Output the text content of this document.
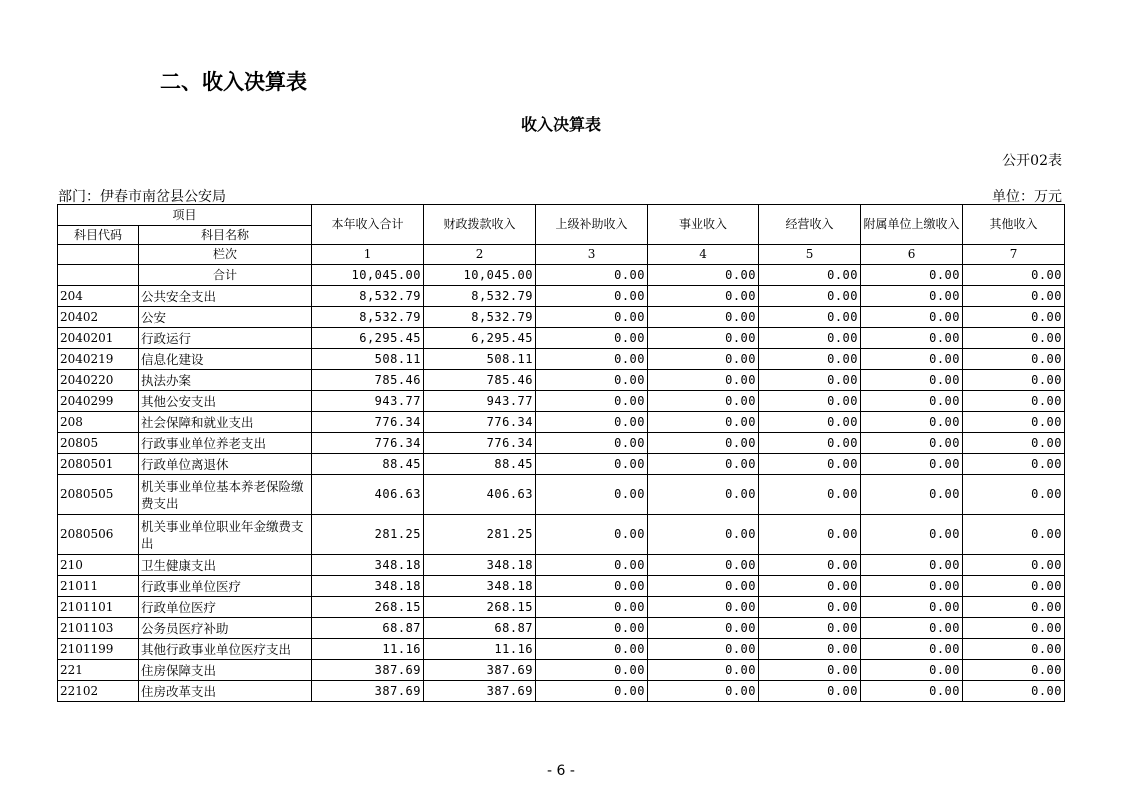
二、收入决算表
收入决算表
公开02表
部门：伊春市南岔县公安局	单位：万元
项目		本年收入合计	财政拨款收入	上级补助收入	事业收入	经营收入	附属单位上缴收入	其他收入
科目代码	科目名称							
	栏次	1	2	3	4	5	6	7
	合计	10,045.00	10,045.00	0.00	0.00	0.00	0.00	0.00
204	公共安全支出	8,532.79	8,532.79	0.00	0.00	0.00	0.00	0.00
20402	公安	8,532.79	8,532.79	0.00	0.00	0.00	0.00	0.00
2040201	行政运行	6,295.45	6,295.45	0.00	0.00	0.00	0.00	0.00
2040219	信息化建设	508.11	508.11	0.00	0.00	0.00	0.00	0.00
2040220	执法办案	785.46	785.46	0.00	0.00	0.00	0.00	0.00
2040299	其他公安支出	943.77	943.77	0.00	0.00	0.00	0.00	0.00
208	社会保障和就业支出	776.34	776.34	0.00	0.00	0.00	0.00	0.00
20805	行政事业单位养老支出	776.34	776.34	0.00	0.00	0.00	0.00	0.00
2080501	行政单位离退休	88.45	88.45	0.00	0.00	0.00	0.00	0.00
2080505	机关事业单位基本养老保险缴费支出	406.63	406.63	0.00	0.00	0.00	0.00	0.00
2080506	机关事业单位职业年金缴费支出	281.25	281.25	0.00	0.00	0.00	0.00	0.00
210	卫生健康支出	348.18	348.18	0.00	0.00	0.00	0.00	0.00
21011	行政事业单位医疗	348.18	348.18	0.00	0.00	0.00	0.00	0.00
2101101	行政单位医疗	268.15	268.15	0.00	0.00	0.00	0.00	0.00
2101103	公务员医疗补助	68.87	68.87	0.00	0.00	0.00	0.00	0.00
2101199	其他行政事业单位医疗支出	11.16	11.16	0.00	0.00	0.00	0.00	0.00
221	住房保障支出	387.69	387.69	0.00	0.00	0.00	0.00	0.00
22102	住房改革支出	387.69	387.69	0.00	0.00	0.00	0.00	0.00
- 6 -
